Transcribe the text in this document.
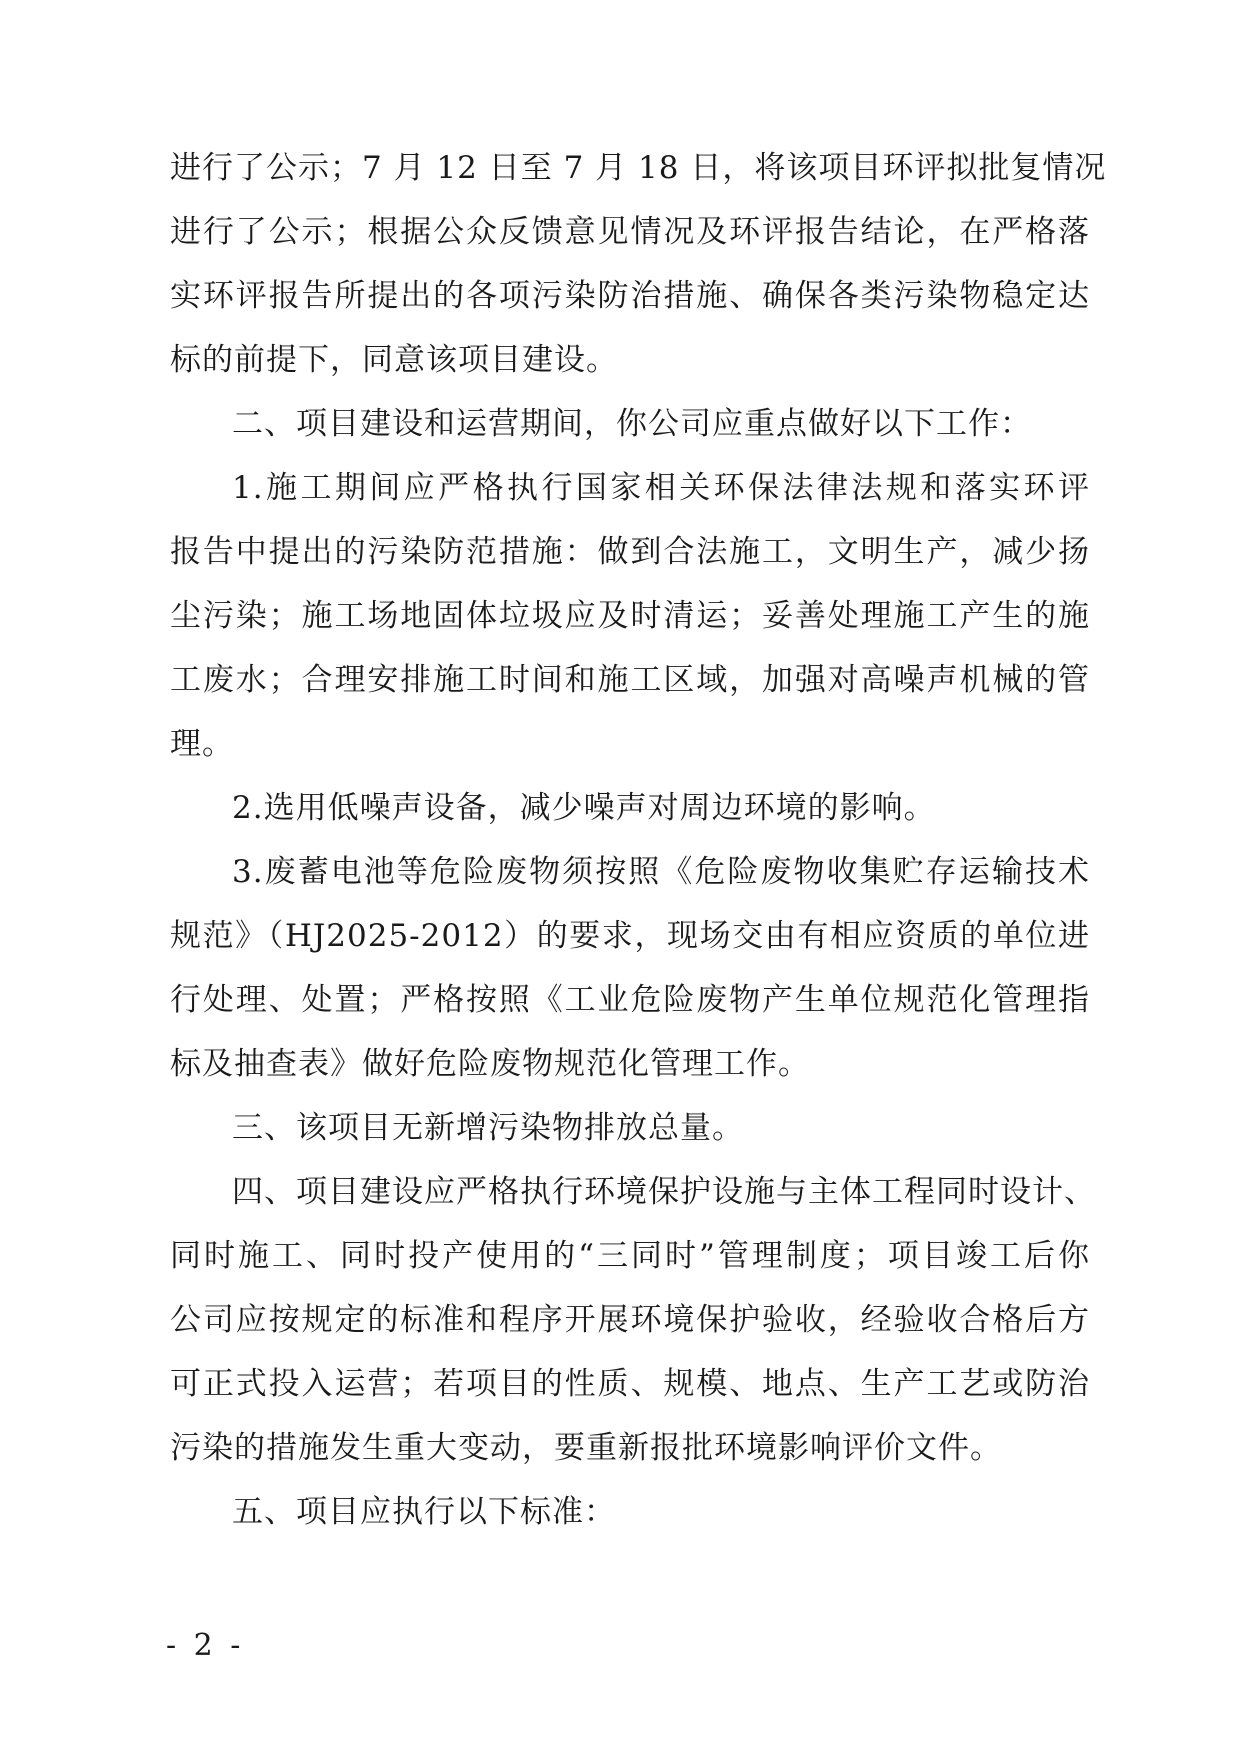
进行了公示；7 月 12 日至 7 月 18 日，将该项目环评拟批复情况
进行了公示；根据公众反馈意见情况及环评报告结论，在严格落
实环评报告所提出的各项污染防治措施、确保各类污染物稳定达
标的前提下，同意该项目建设。
二、项目建设和运营期间，你公司应重点做好以下工作：
1.施工期间应严格执行国家相关环保法律法规和落实环评
报告中提出的污染防范措施：做到合法施工，文明生产，减少扬
尘污染；施工场地固体垃圾应及时清运；妥善处理施工产生的施
工废水；合理安排施工时间和施工区域，加强对高噪声机械的管
理。
2.选用低噪声设备，减少噪声对周边环境的影响。
3.废蓄电池等危险废物须按照《危险废物收集贮存运输技术
规范》（HJ2025-2012）的要求，现场交由有相应资质的单位进
行处理、处置；严格按照《工业危险废物产生单位规范化管理指
标及抽查表》做好危险废物规范化管理工作。
三、该项目无新增污染物排放总量。
四、项目建设应严格执行环境保护设施与主体工程同时设计、
同时施工、同时投产使用的“三同时”管理制度；项目竣工后你
公司应按规定的标准和程序开展环境保护验收，经验收合格后方
可正式投入运营；若项目的性质、规模、地点、生产工艺或防治
污染的措施发生重大变动，要重新报批环境影响评价文件。
五、项目应执行以下标准：
- 2 -
